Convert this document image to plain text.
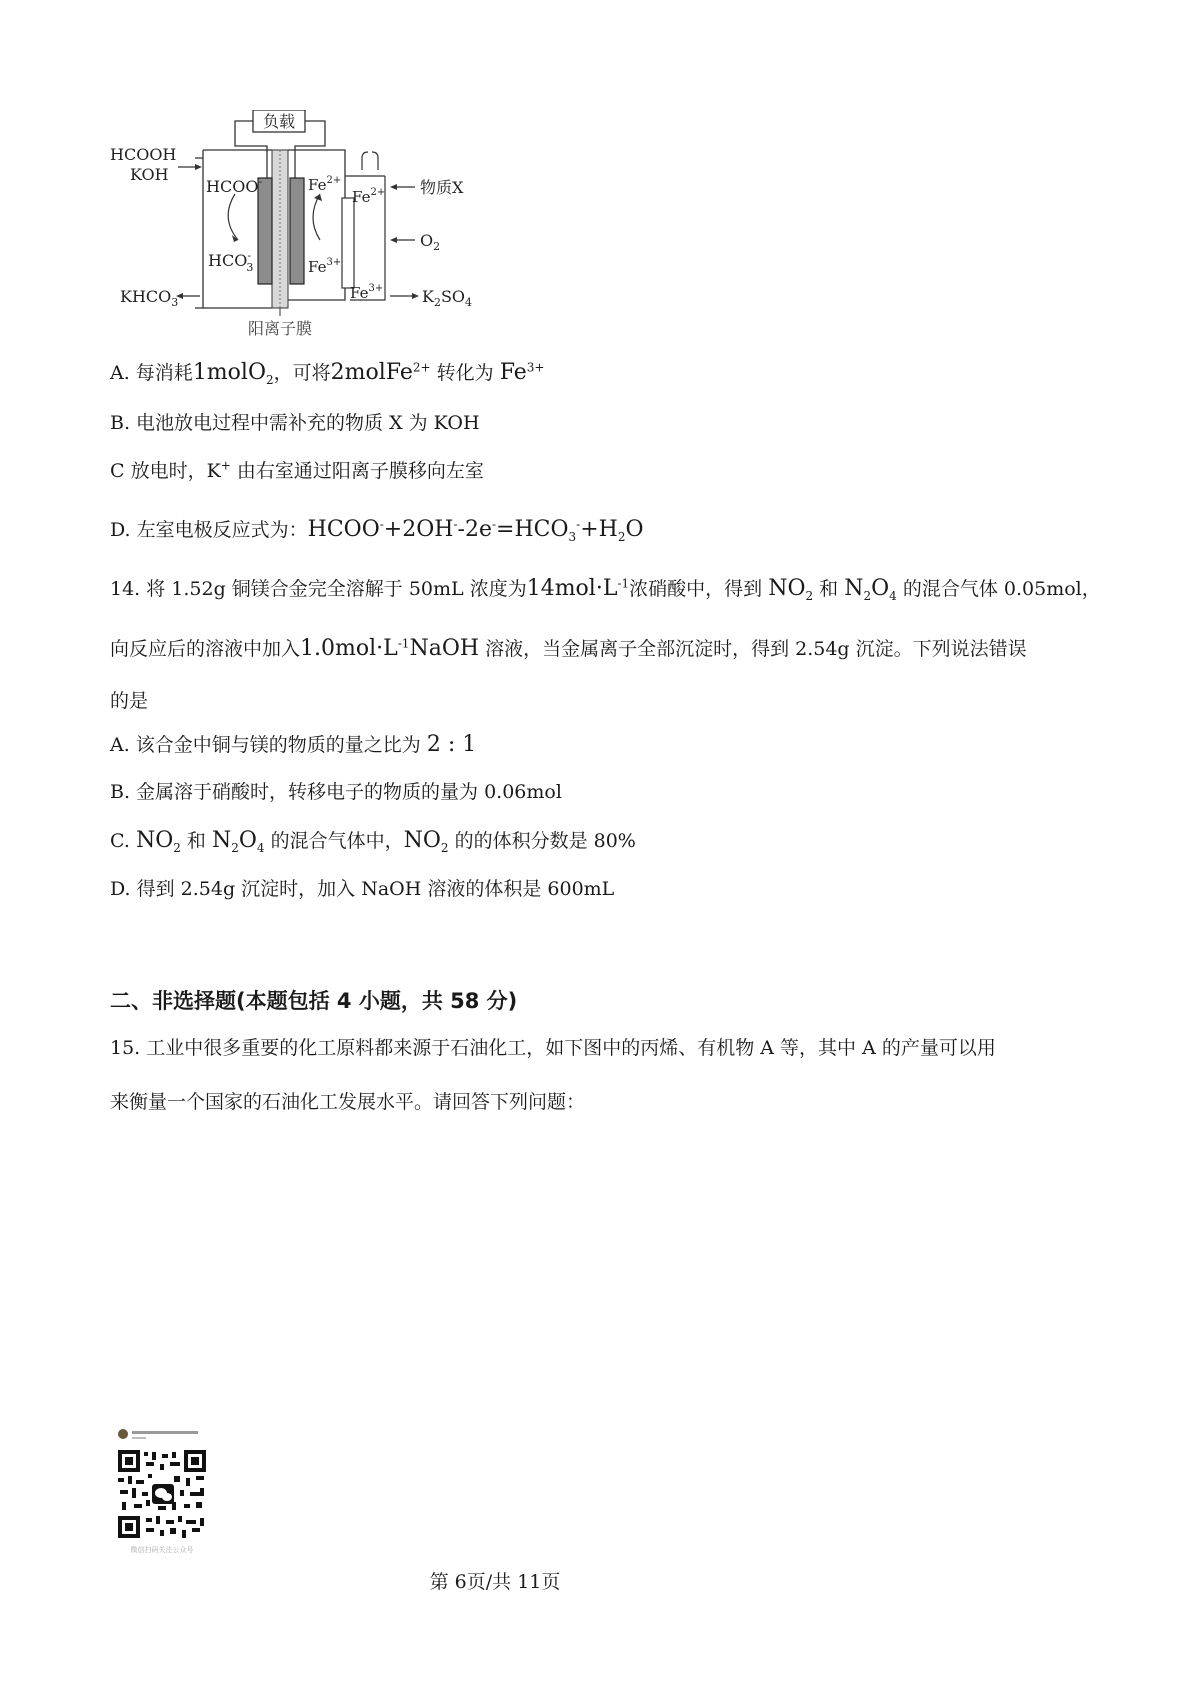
负载
HCOOH
KOH
$KHCO_3$
HCOO-
HCO3-
$Fe^{2+}$
$Fe^{3+}$
$Fe^{2+}$
$Fe^{3+}$
物质X
$O_2$
$K_2SO_4$
阳离子膜
A. 每消耗1molO$_2$，可将2molFe$^{2+}$ 转化为 $Fe^{3+}$
B. 电池放电过程中需补充的物质 X 为 KOH
C 放电时，K+ 由右室通过阳离子膜移向左室
D. 左室电极反应式为：$HCOO^-+2OH^--2e^-=HCO_3^-+H_2O$
14. 将 1.52g 铜镁合金完全溶解于 50mL 浓度为$14mol\cdot L^{-1}$浓硝酸中，得到 $NO_2$ 和 $N_2O_4$ 的混合气体 0.05mol，
向反应后的溶液中加入$1.0mol\cdot L^{-1}NaOH$ 溶液，当金属离子全部沉淀时，得到 2.54g 沉淀。下列说法错误
的是
A. 该合金中铜与镁的物质的量之比为 2 : 1
B. 金属溶于硝酸时，转移电子的物质的量为 0.06mol
C. $NO_2$ 和 $N_2O_4$ 的混合气体中，$NO_2$ 的的体积分数是 80%
D. 得到 2.54g 沉淀时，加入 NaOH 溶液的体积是 600mL
二、非选择题(本题包括 4 小题，共 58 分)
15. 工业中很多重要的化工原料都来源于石油化工，如下图中的丙烯、有机物 A 等，其中 A 的产量可以用
来衡量一个国家的石油化工发展水平。请回答下列问题：
微信扫码关注公众号
第 6页/共 11页
